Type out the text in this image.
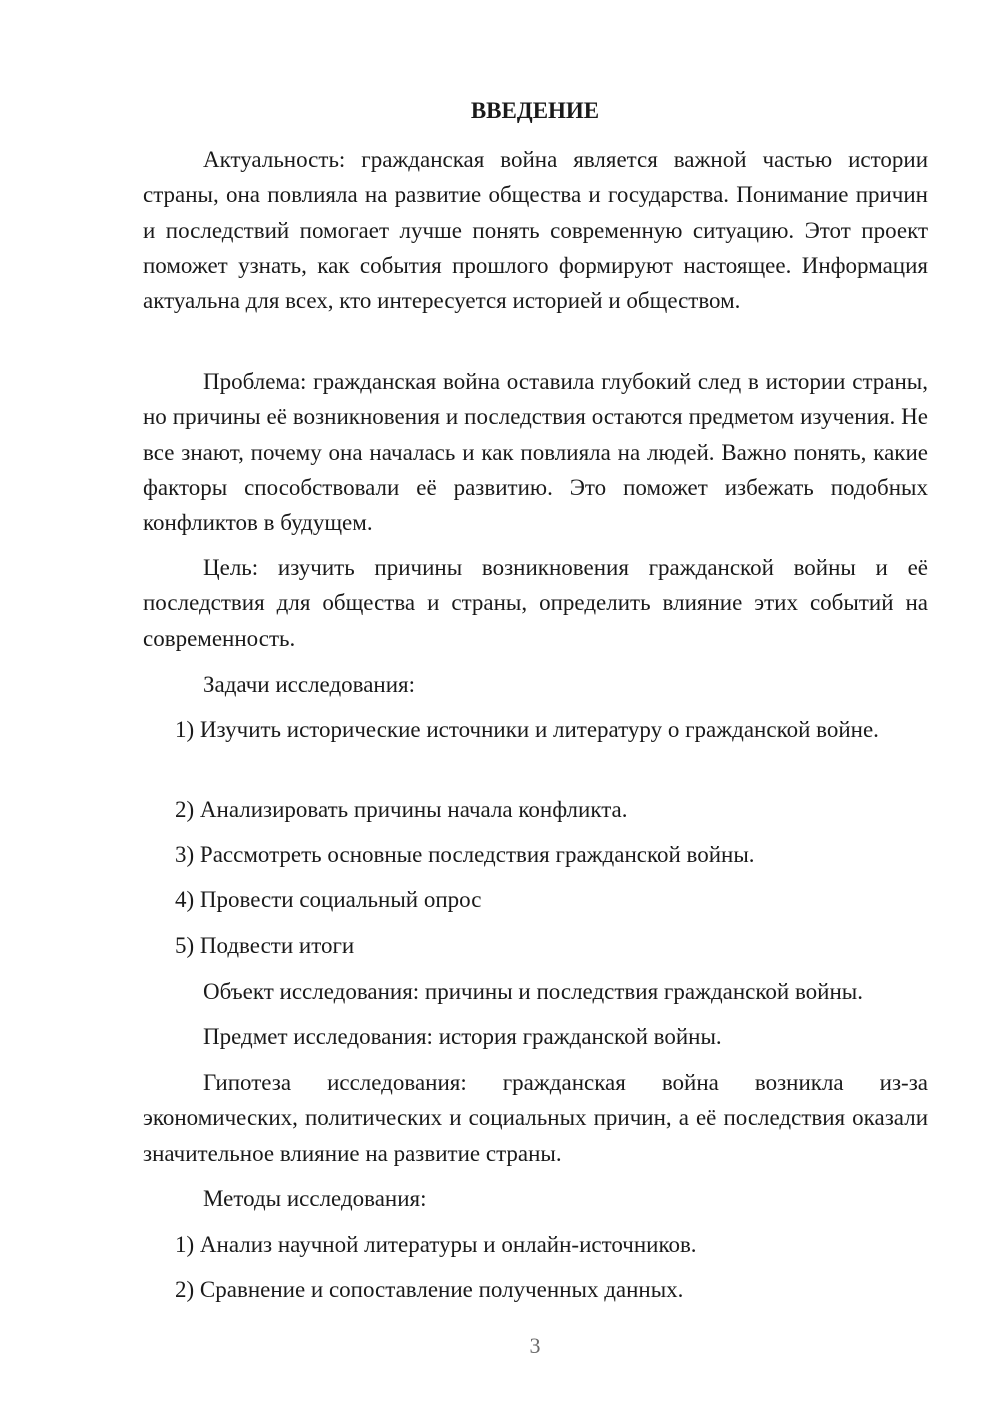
ВВЕДЕНИЕ

Актуальность: гражданская война является важной частью истории страны, она повлияла на развитие общества и государства. Понимание причин и последствий помогает лучше понять современную ситуацию. Этот проект поможет узнать, как события прошлого формируют настоящее. Информация актуальна для всех, кто интересуется историей и обществом.

Проблема: гражданская война оставила глубокий след в истории страны, но причины её возникновения и последствия остаются предметом изучения. Не все знают, почему она началась и как повлияла на людей. Важно понять, какие факторы способствовали её развитию. Это поможет избежать подобных конфликтов в будущем.

Цель: изучить причины возникновения гражданской войны и её последствия для общества и страны, определить влияние этих событий на современность.

Задачи исследования:

1) Изучить исторические источники и литературу о гражданской войне.

2) Анализировать причины начала конфликта.

3) Рассмотреть основные последствия гражданской войны.

4) Провести социальный опрос

5) Подвести итоги

Объект исследования: причины и последствия гражданской войны.

Предмет исследования: история гражданской войны.

Гипотеза исследования: гражданская война возникла из-за экономических, политических и социальных причин, а её последствия оказали значительное влияние на развитие страны.

Методы исследования:

1) Анализ научной литературы и онлайн-источников.

2) Сравнение и сопоставление полученных данных.

3
